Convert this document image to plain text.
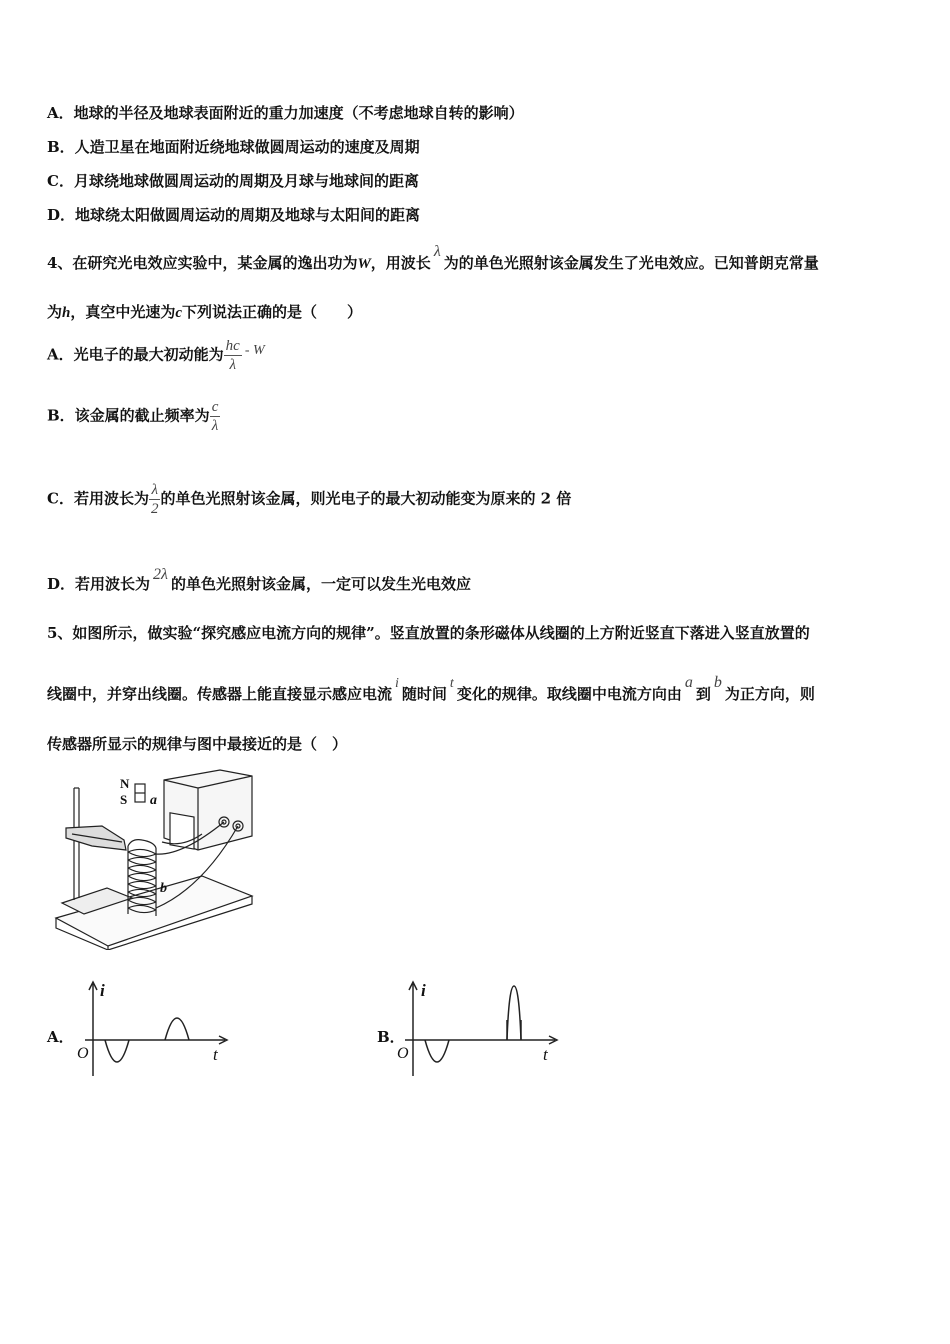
A．地球的半径及地球表面附近的重力加速度（不考虑地球自转的影响）
B．人造卫星在地面附近绕地球做圆周运动的速度及周期
C．月球绕地球做圆周运动的周期及月球与地球间的距离
D．地球绕太阳做圆周运动的周期及地球与太阳间的距离
4、在研究光电效应实验中，某金属的逸出功为W，用波长λ为的单色光照射该金属发生了光电效应。已知普朗克常量
为h，真空中光速为c下列说法正确的是（　　）
A．光电子的最大初动能为 $\frac{hc}{\lambda}$ - W
B．该金属的截止频率为 $\frac{c}{\lambda}$
C．若用波长为 $\frac{\lambda}{2}$ 的单色光照射该金属，则光电子的最大初动能变为原来的 2 倍
D．若用波长为2λ的单色光照射该金属，一定可以发生光电效应
5、如图所示，做实验“探究感应电流方向的规律”。竖直放置的条形磁体从线圈的上方附近竖直下落进入竖直放置的
线圈中，并穿出线圈。传感器上能直接显示感应电流i随时间t变化的规律。取线圈中电流方向由a到b为正方向，则
传感器所显示的规律与图中最接近的是（　）
N
S a
b
A．
i
t
O
B．
i
t
O
